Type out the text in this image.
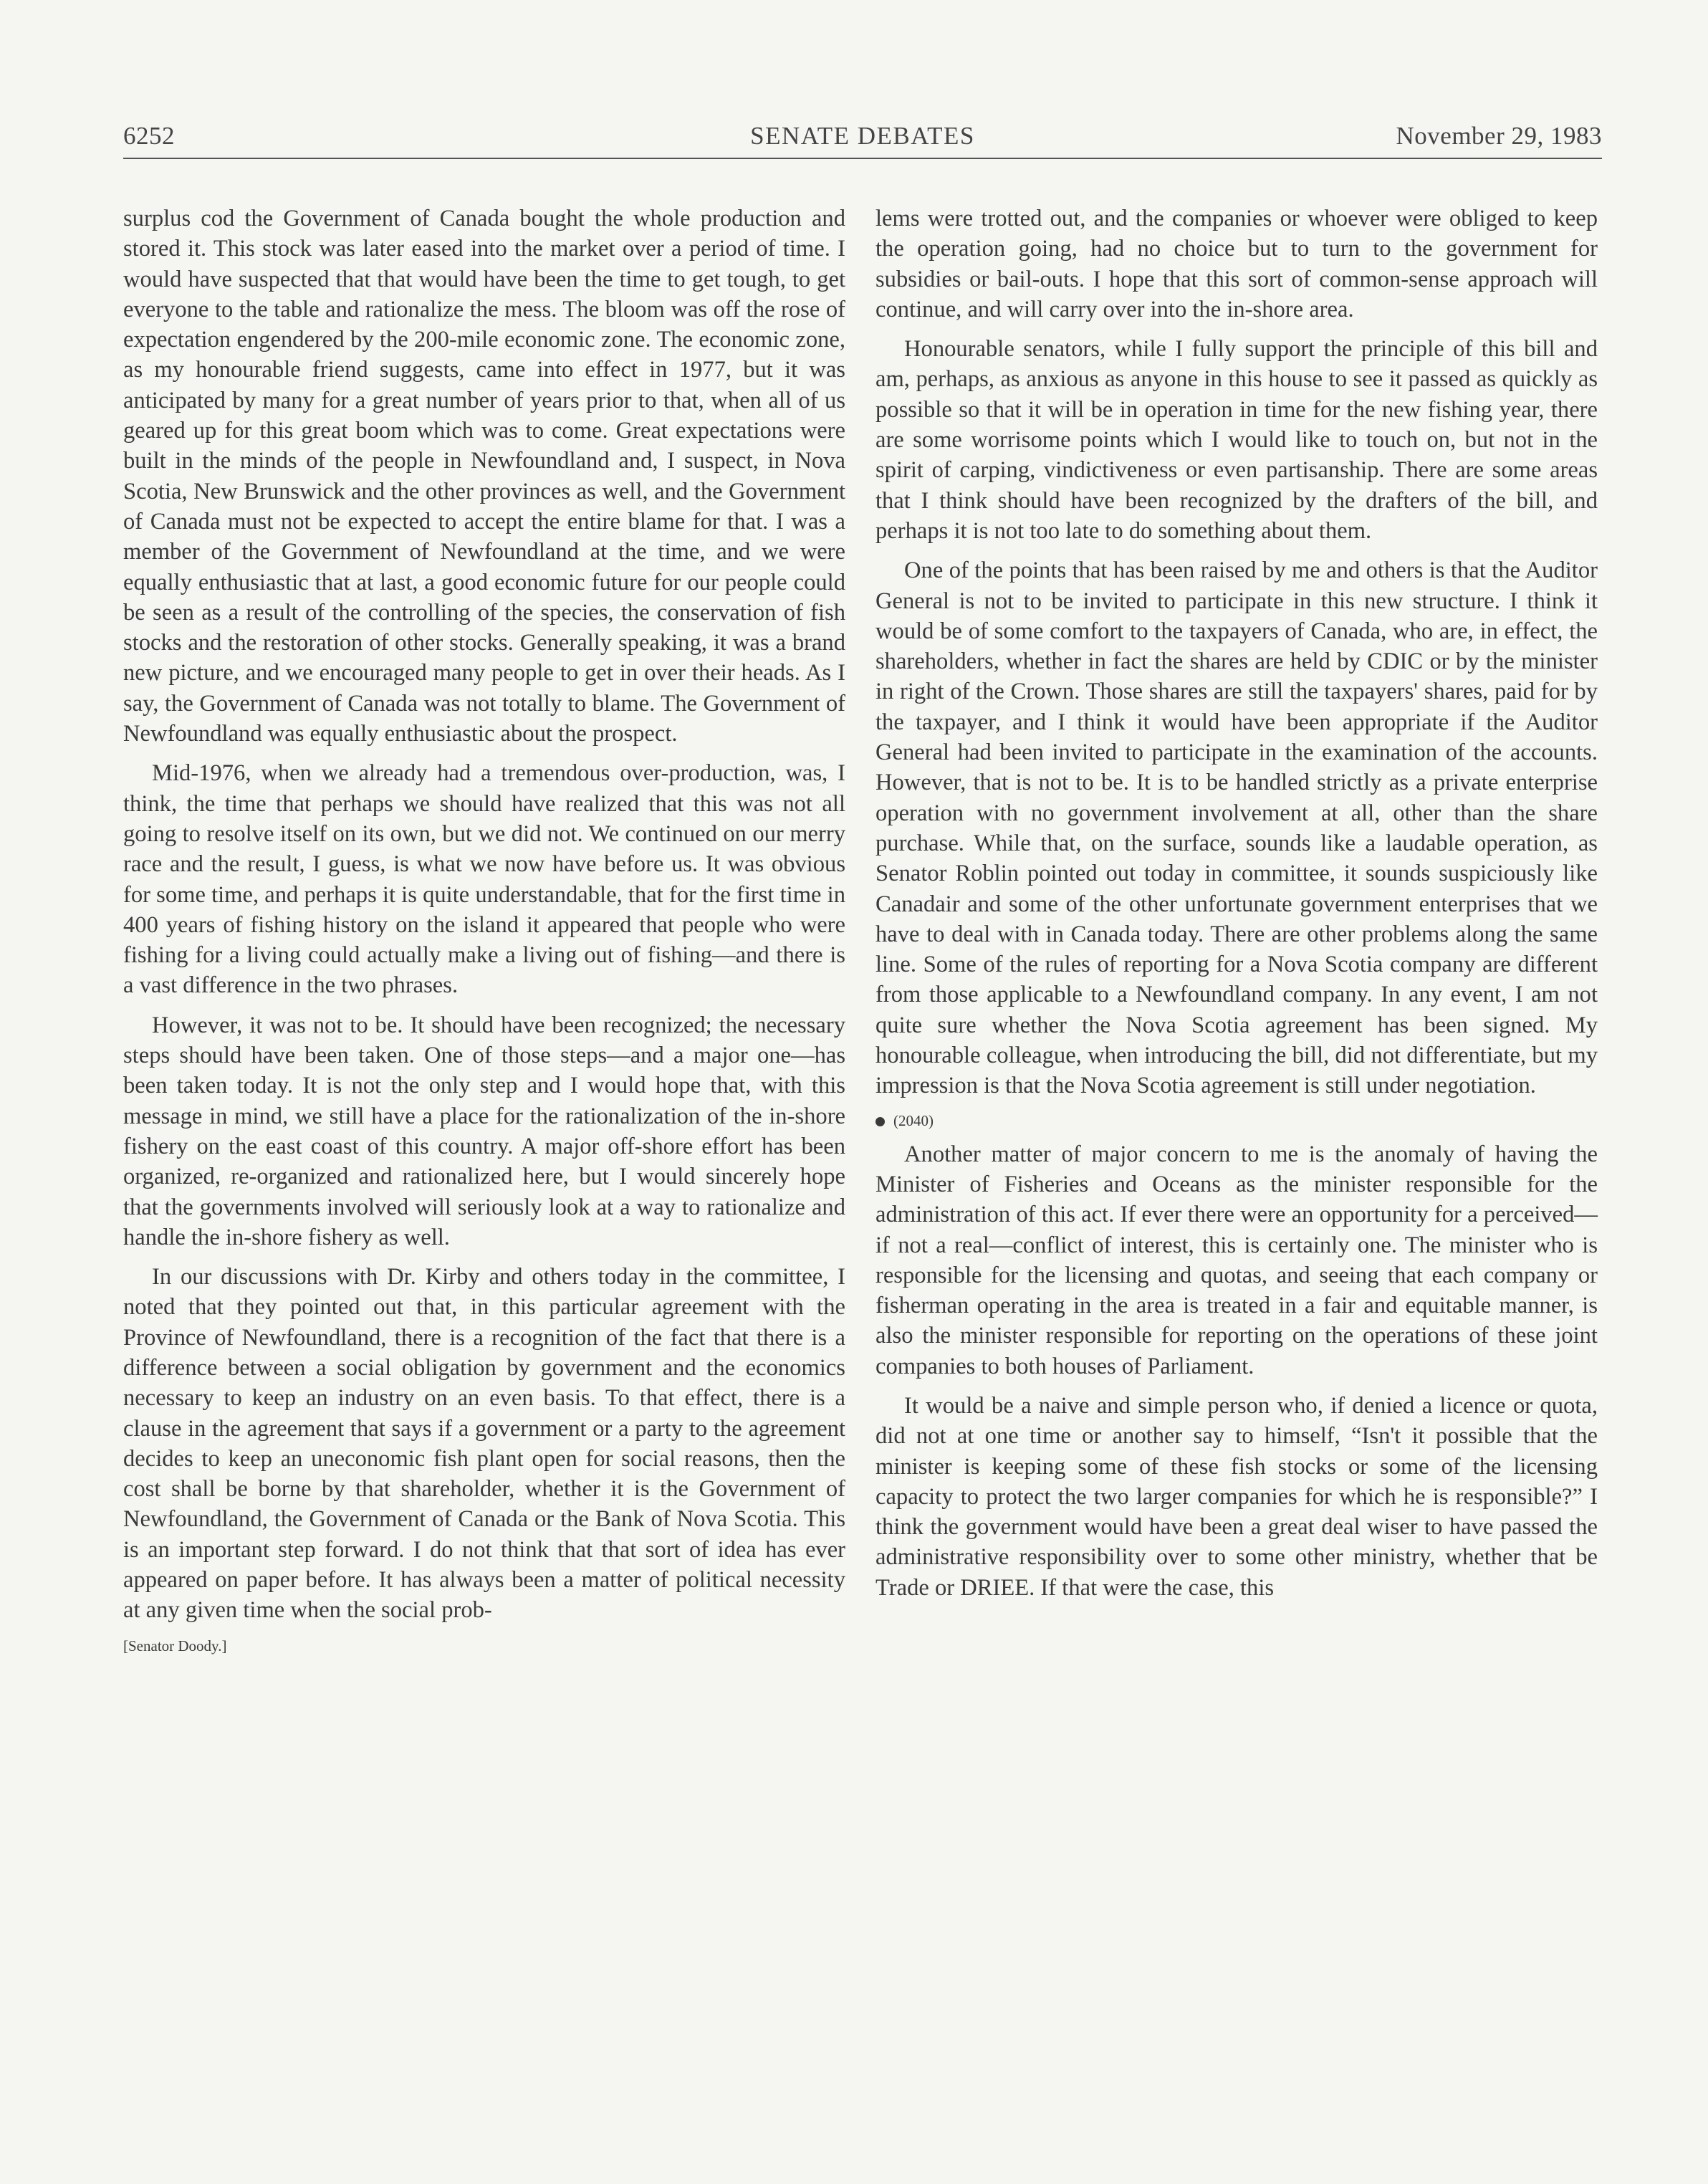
6252	SENATE DEBATES	November 29, 1983

surplus cod the Government of Canada bought the whole production and stored it. This stock was later eased into the market over a period of time. I would have suspected that that would have been the time to get tough, to get everyone to the table and rationalize the mess. The bloom was off the rose of expectation engendered by the 200-mile economic zone. The economic zone, as my honourable friend suggests, came into effect in 1977, but it was anticipated by many for a great number of years prior to that, when all of us geared up for this great boom which was to come. Great expectations were built in the minds of the people in Newfoundland and, I suspect, in Nova Scotia, New Brunswick and the other provinces as well, and the Government of Canada must not be expected to accept the entire blame for that. I was a member of the Government of Newfoundland at the time, and we were equally enthusiastic that at last, a good economic future for our people could be seen as a result of the controlling of the species, the conservation of fish stocks and the restoration of other stocks. Generally speaking, it was a brand new picture, and we encouraged many people to get in over their heads. As I say, the Government of Canada was not totally to blame. The Government of Newfoundland was equally enthusiastic about the prospect.

Mid-1976, when we already had a tremendous over-production, was, I think, the time that perhaps we should have realized that this was not all going to resolve itself on its own, but we did not. We continued on our merry race and the result, I guess, is what we now have before us. It was obvious for some time, and perhaps it is quite understandable, that for the first time in 400 years of fishing history on the island it appeared that people who were fishing for a living could actually make a living out of fishing—and there is a vast difference in the two phrases.

However, it was not to be. It should have been recognized; the necessary steps should have been taken. One of those steps—and a major one—has been taken today. It is not the only step and I would hope that, with this message in mind, we still have a place for the rationalization of the in-shore fishery on the east coast of this country. A major off-shore effort has been organized, re-organized and rationalized here, but I would sincerely hope that the governments involved will seriously look at a way to rationalize and handle the in-shore fishery as well.

In our discussions with Dr. Kirby and others today in the committee, I noted that they pointed out that, in this particular agreement with the Province of Newfoundland, there is a recognition of the fact that there is a difference between a social obligation by government and the economics necessary to keep an industry on an even basis. To that effect, there is a clause in the agreement that says if a government or a party to the agreement decides to keep an uneconomic fish plant open for social reasons, then the cost shall be borne by that shareholder, whether it is the Government of Newfoundland, the Government of Canada or the Bank of Nova Scotia. This is an important step forward. I do not think that that sort of idea has ever appeared on paper before. It has always been a matter of political necessity at any given time when the social prob-

[Senator Doody.]

lems were trotted out, and the companies or whoever were obliged to keep the operation going, had no choice but to turn to the government for subsidies or bail-outs. I hope that this sort of common-sense approach will continue, and will carry over into the in-shore area.

Honourable senators, while I fully support the principle of this bill and am, perhaps, as anxious as anyone in this house to see it passed as quickly as possible so that it will be in operation in time for the new fishing year, there are some worrisome points which I would like to touch on, but not in the spirit of carping, vindictiveness or even partisanship. There are some areas that I think should have been recognized by the drafters of the bill, and perhaps it is not too late to do something about them.

One of the points that has been raised by me and others is that the Auditor General is not to be invited to participate in this new structure. I think it would be of some comfort to the taxpayers of Canada, who are, in effect, the shareholders, whether in fact the shares are held by CDIC or by the minister in right of the Crown. Those shares are still the taxpayers' shares, paid for by the taxpayer, and I think it would have been appropriate if the Auditor General had been invited to participate in the examination of the accounts. However, that is not to be. It is to be handled strictly as a private enterprise operation with no government involvement at all, other than the share purchase. While that, on the surface, sounds like a laudable operation, as Senator Roblin pointed out today in committee, it sounds suspiciously like Canadair and some of the other unfortunate government enterprises that we have to deal with in Canada today. There are other problems along the same line. Some of the rules of reporting for a Nova Scotia company are different from those applicable to a Newfoundland company. In any event, I am not quite sure whether the Nova Scotia agreement has been signed. My honourable colleague, when introducing the bill, did not differentiate, but my impression is that the Nova Scotia agreement is still under negotiation.

(2040)

Another matter of major concern to me is the anomaly of having the Minister of Fisheries and Oceans as the minister responsible for the administration of this act. If ever there were an opportunity for a perceived—if not a real—conflict of interest, this is certainly one. The minister who is responsible for the licensing and quotas, and seeing that each company or fisherman operating in the area is treated in a fair and equitable manner, is also the minister responsible for reporting on the operations of these joint companies to both houses of Parliament.

It would be a naive and simple person who, if denied a licence or quota, did not at one time or another say to himself, “Isn't it possible that the minister is keeping some of these fish stocks or some of the licensing capacity to protect the two larger companies for which he is responsible?” I think the government would have been a great deal wiser to have passed the administrative responsibility over to some other ministry, whether that be Trade or DRIEE. If that were the case, this
